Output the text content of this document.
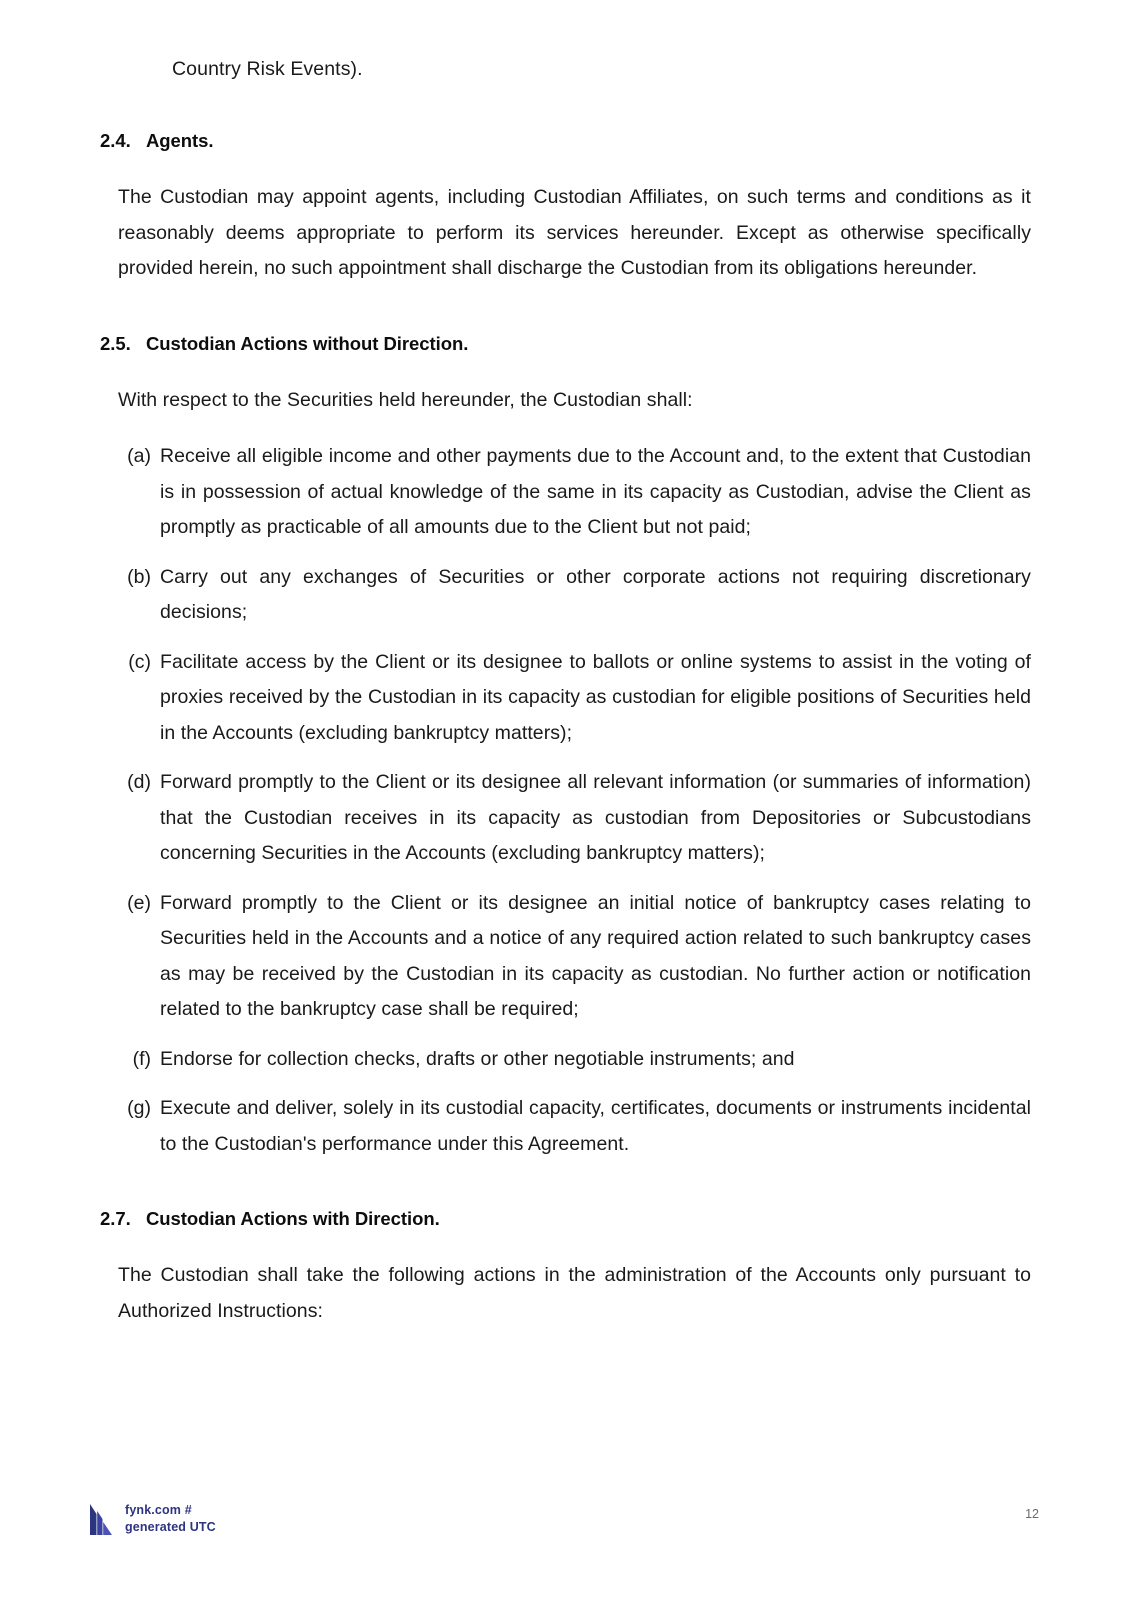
Country Risk Events).

2.4. Agents.

The Custodian may appoint agents, including Custodian Affiliates, on such terms and conditions as it reasonably deems appropriate to perform its services hereunder. Except as otherwise specifically provided herein, no such appointment shall discharge the Custodian from its obligations hereunder.

2.5. Custodian Actions without Direction.

With respect to the Securities held hereunder, the Custodian shall:

(a) Receive all eligible income and other payments due to the Account and, to the extent that Custodian is in possession of actual knowledge of the same in its capacity as Custodian, advise the Client as promptly as practicable of all amounts due to the Client but not paid;
(b) Carry out any exchanges of Securities or other corporate actions not requiring discretionary decisions;
(c) Facilitate access by the Client or its designee to ballots or online systems to assist in the voting of proxies received by the Custodian in its capacity as custodian for eligible positions of Securities held in the Accounts (excluding bankruptcy matters);
(d) Forward promptly to the Client or its designee all relevant information (or summaries of information) that the Custodian receives in its capacity as custodian from Depositories or Subcustodians concerning Securities in the Accounts (excluding bankruptcy matters);
(e) Forward promptly to the Client or its designee an initial notice of bankruptcy cases relating to Securities held in the Accounts and a notice of any required action related to such bankruptcy cases as may be received by the Custodian in its capacity as custodian. No further action or notification related to the bankruptcy case shall be required;
(f) Endorse for collection checks, drafts or other negotiable instruments; and
(g) Execute and deliver, solely in its custodial capacity, certificates, documents or instruments incidental to the Custodian's performance under this Agreement.
2.7. Custodian Actions with Direction.

The Custodian shall take the following actions in the administration of the Accounts only pursuant to Authorized Instructions:

fynk.com #
generated UTC
12
